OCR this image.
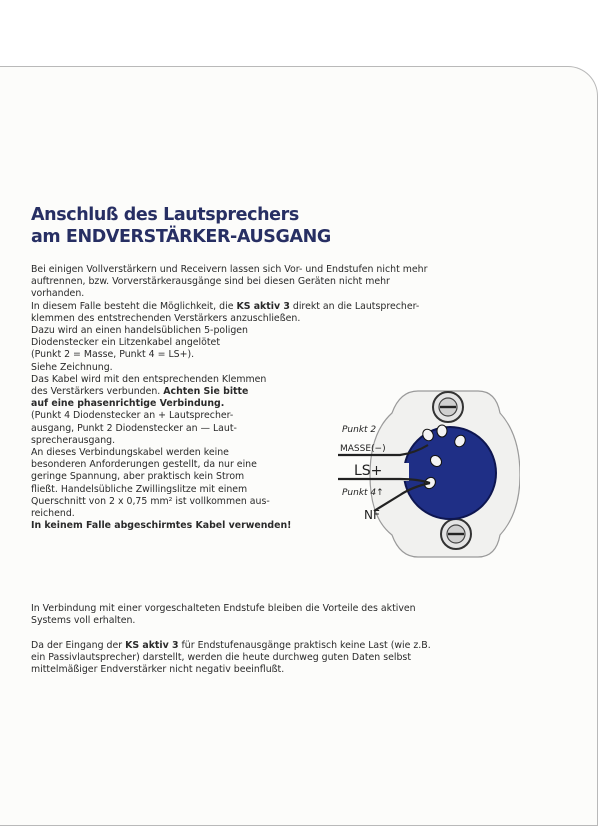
Anschluß des Lautsprechers
am ENDVERSTÄRKER-AUSGANG
Bei einigen Vollverstärkern und Receivern lassen sich Vor- und Endstufen nicht mehr
auftrennen, bzw. Vorverstärkerausgänge sind bei diesen Geräten nicht mehr
vorhanden.
In diesem Falle besteht die Möglichkeit, die KS aktiv 3 direkt an die Lautsprecher-
klemmen des entstrechenden Verstärkers anzuschließen.
Dazu wird an einen handelsüblichen 5-poligen
Diodenstecker ein Litzenkabel angelötet
(Punkt 2 = Masse, Punkt 4 = LS+).
Siehe Zeichnung.
Das Kabel wird mit den entsprechenden Klemmen
des Verstärkers verbunden. Achten Sie bitte
auf eine phasenrichtige Verbindung.
(Punkt 4 Diodenstecker an + Lautsprecher-
ausgang, Punkt 2 Diodenstecker an — Laut-
sprecherausgang.
An dieses Verbindungskabel werden keine
besonderen Anforderungen gestellt, da nur eine
geringe Spannung, aber praktisch kein Strom
fließt. Handelsübliche Zwillingslitze mit einem
Querschnitt von 2 x 0,75 mm² ist vollkommen aus-
reichend.
In keinem Falle abgeschirmtes Kabel verwenden!
In Verbindung mit einer vorgeschalteten Endstufe bleiben die Vorteile des aktiven
Systems voll erhalten.
Da der Eingang der KS aktiv 3 für Endstufenausgänge praktisch keine Last (wie z.B.
ein Passivlautsprecher) darstellt, werden die heute durchweg guten Daten selbst
mittelmäßiger Endverstärker nicht negativ beeinflußt.
Punkt 2
MASSE(−)
LS+
Punkt 4↑
NF
